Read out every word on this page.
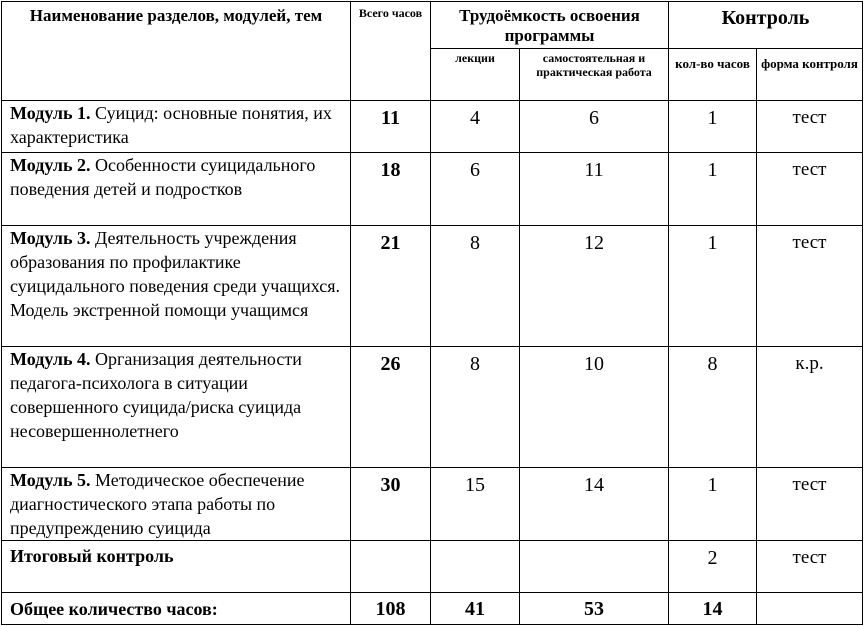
Наименование разделов, модулей, тем	Всего часов	Трудоёмкость освоения программы		Контроль	
		лекции	самостоятельная и практическая работа	кол-во часов	форма контроля
Модуль 1. Суицид: основные понятия, их характеристика	11	4	6	1	тест
Модуль 2. Особенности суицидального поведения детей и подростков	18	6	11	1	тест
Модуль 3. Деятельность учреждения образования по профилактике суицидального поведения среди учащихся. Модель экстренной помощи учащимся	21	8	12	1	тест
Модуль 4. Организация деятельности педагога-психолога в ситуации совершенного суицида/риска суицида несовершеннолетнего	26	8	10	8	к.р.
Модуль 5. Методическое обеспечение диагностического этапа работы по предупреждению суицида	30	15	14	1	тест
Итоговый контроль				2	тест
Общее количество часов:	108	41	53	14	
